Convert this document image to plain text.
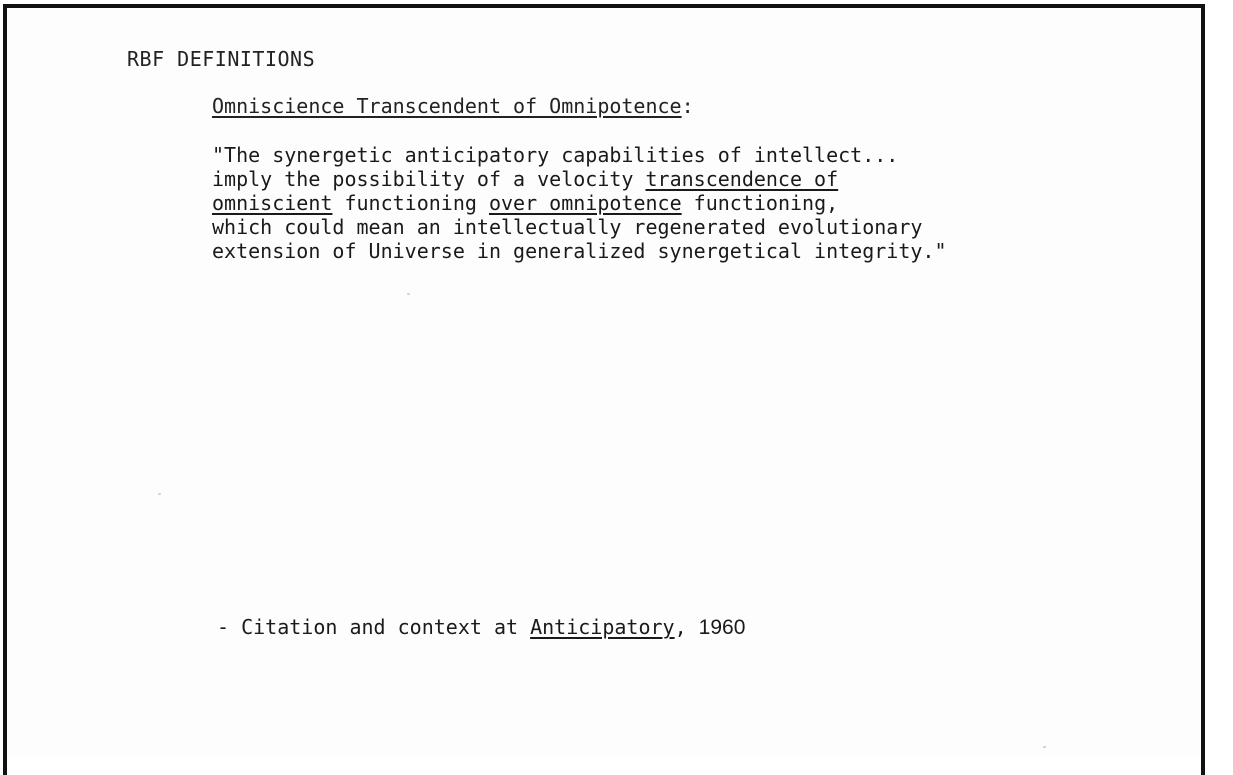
RBF DEFINITIONS
Omniscience Transcendent of Omnipotence:
"The synergetic anticipatory capabilities of intellect...
imply the possibility of a velocity transcendence of
omniscient functioning over omnipotence functioning,
which could mean an intellectually regenerated evolutionary
extension of Universe in generalized synergetical integrity."
- Citation and context at Anticipatory, 1960
